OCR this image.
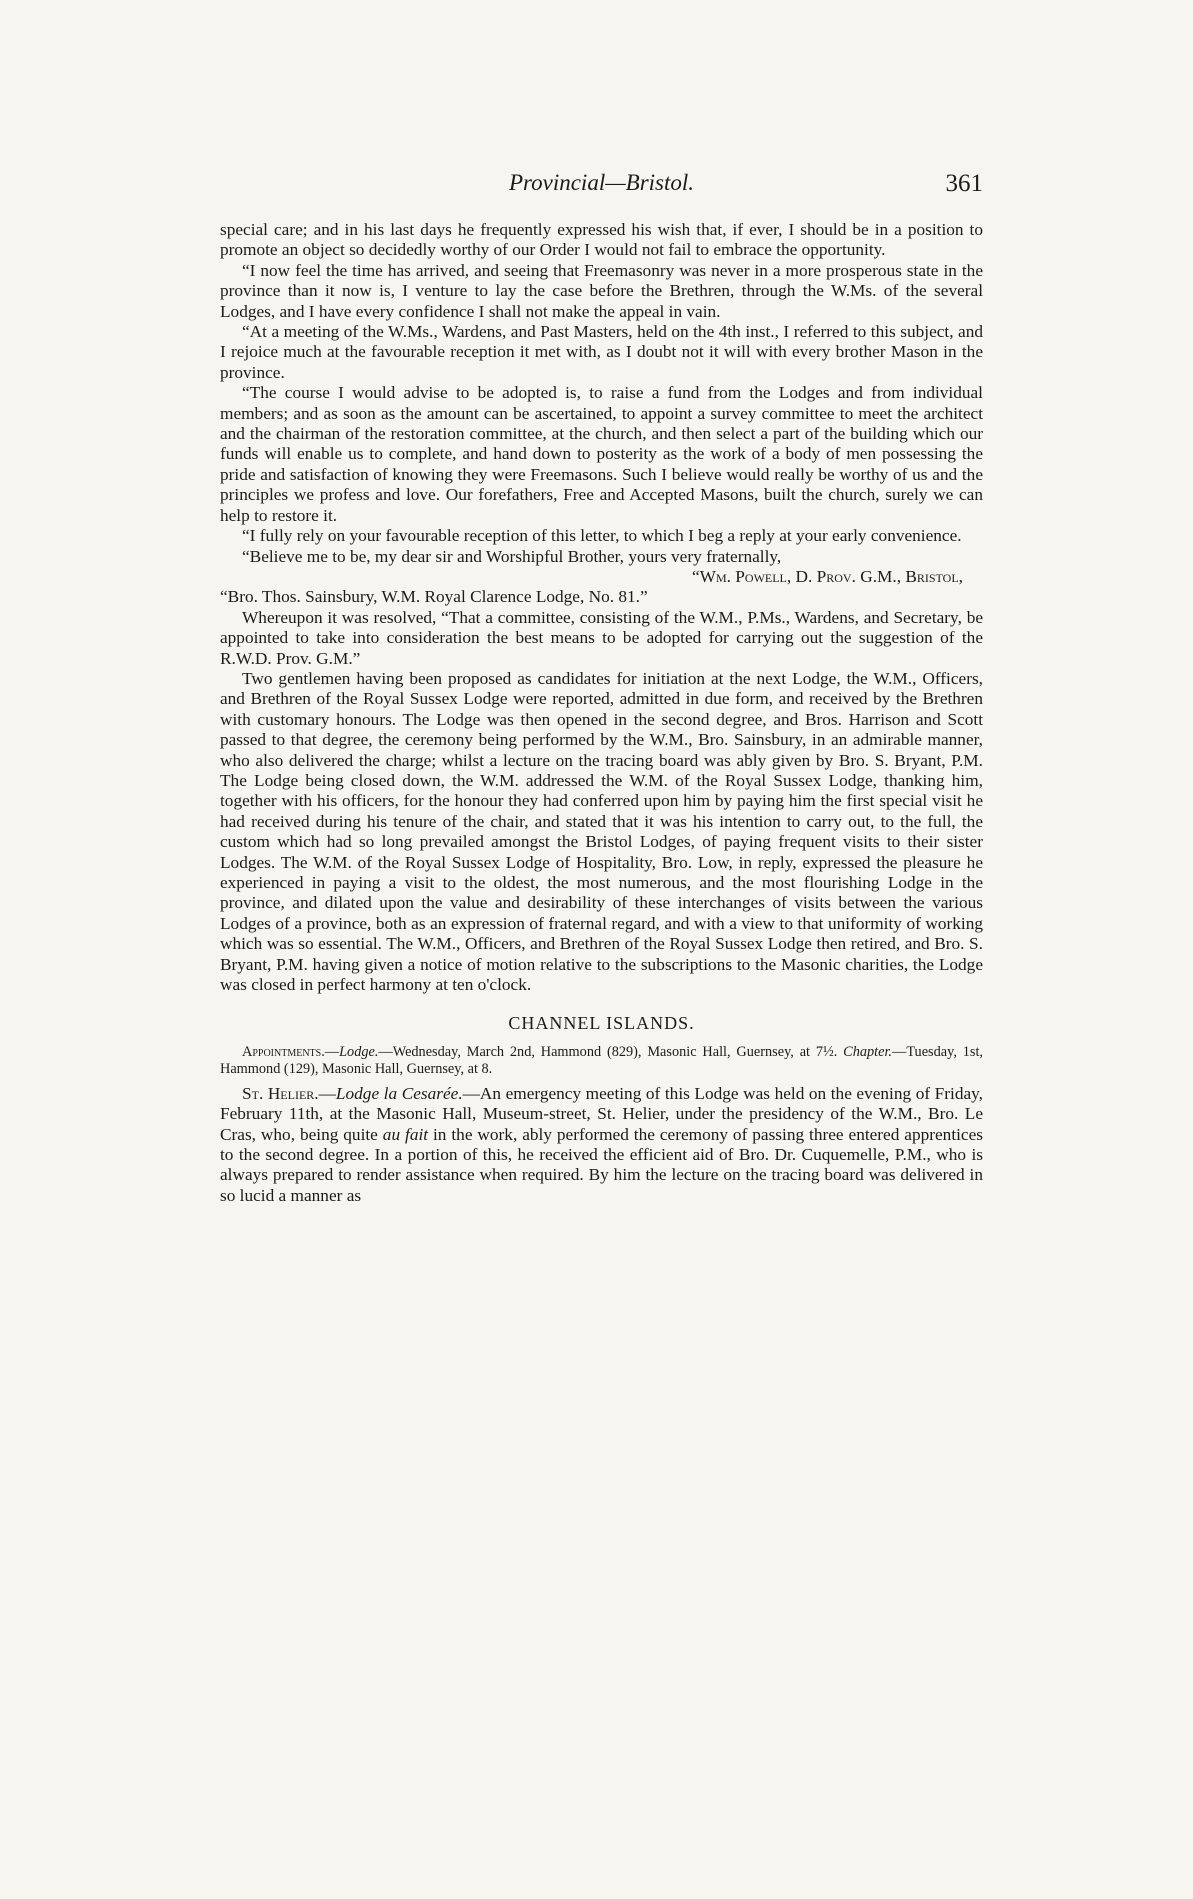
Provincial—Bristol.	361

special care; and in his last days he frequently expressed his wish that, if ever, I should be in a position to promote an object so decidedly worthy of our Order I would not fail to embrace the opportunity.

“I now feel the time has arrived, and seeing that Freemasonry was never in a more prosperous state in the province than it now is, I venture to lay the case before the Brethren, through the W.Ms. of the several Lodges, and I have every confidence I shall not make the appeal in vain.

“At a meeting of the W.Ms., Wardens, and Past Masters, held on the 4th inst., I referred to this subject, and I rejoice much at the favourable reception it met with, as I doubt not it will with every brother Mason in the province.

“The course I would advise to be adopted is, to raise a fund from the Lodges and from individual members; and as soon as the amount can be ascertained, to appoint a survey committee to meet the architect and the chairman of the restoration committee, at the church, and then select a part of the building which our funds will enable us to complete, and hand down to posterity as the work of a body of men possessing the pride and satisfaction of knowing they were Freemasons. Such I believe would really be worthy of us and the principles we profess and love. Our forefathers, Free and Accepted Masons, built the church, surely we can help to restore it.

“I fully rely on your favourable reception of this letter, to which I beg a reply at your early convenience.

“Believe me to be, my dear sir and Worshipful Brother, yours very fraternally,

“Wm. Powell, D. Prov. G.M., Bristol,

“Bro. Thos. Sainsbury, W.M. Royal Clarence Lodge, No. 81.”

Whereupon it was resolved, “That a committee, consisting of the W.M., P.Ms., Wardens, and Secretary, be appointed to take into consideration the best means to be adopted for carrying out the suggestion of the R.W.D. Prov. G.M.”

Two gentlemen having been proposed as candidates for initiation at the next Lodge, the W.M., Officers, and Brethren of the Royal Sussex Lodge were reported, admitted in due form, and received by the Brethren with customary honours. The Lodge was then opened in the second degree, and Bros. Harrison and Scott passed to that degree, the ceremony being performed by the W.M., Bro. Sainsbury, in an admirable manner, who also delivered the charge; whilst a lecture on the tracing board was ably given by Bro. S. Bryant, P.M. The Lodge being closed down, the W.M. addressed the W.M. of the Royal Sussex Lodge, thanking him, together with his officers, for the honour they had conferred upon him by paying him the first special visit he had received during his tenure of the chair, and stated that it was his intention to carry out, to the full, the custom which had so long prevailed amongst the Bristol Lodges, of paying frequent visits to their sister Lodges. The W.M. of the Royal Sussex Lodge of Hospitality, Bro. Low, in reply, expressed the pleasure he experienced in paying a visit to the oldest, the most numerous, and the most flourishing Lodge in the province, and dilated upon the value and desirability of these interchanges of visits between the various Lodges of a province, both as an expression of fraternal regard, and with a view to that uniformity of working which was so essential. The W.M., Officers, and Brethren of the Royal Sussex Lodge then retired, and Bro. S. Bryant, P.M. having given a notice of motion relative to the subscriptions to the Masonic charities, the Lodge was closed in perfect harmony at ten o'clock.

CHANNEL ISLANDS.

Appointments.—Lodge.—Wednesday, March 2nd, Hammond (829), Masonic Hall, Guernsey, at 7½. Chapter.—Tuesday, 1st, Hammond (129), Masonic Hall, Guernsey, at 8.

St. Helier.—Lodge la Cesarée.—An emergency meeting of this Lodge was held on the evening of Friday, February 11th, at the Masonic Hall, Museum-street, St. Helier, under the presidency of the W.M., Bro. Le Cras, who, being quite au fait in the work, ably performed the ceremony of passing three entered apprentices to the second degree. In a portion of this, he received the efficient aid of Bro. Dr. Cuquemelle, P.M., who is always prepared to render assistance when required. By him the lecture on the tracing board was delivered in so lucid a manner as
